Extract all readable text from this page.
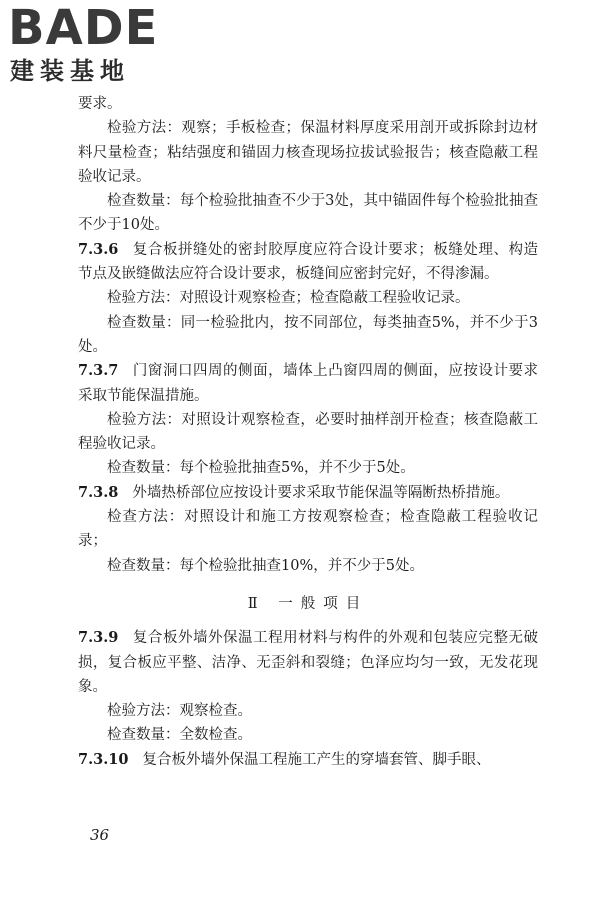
BADE
建装基地

要求。

检验方法：观察；手板检查；保温材料厚度采用剖开或拆除封边材料尺量检查；粘结强度和锚固力核查现场拉拔试验报告；核查隐蔽工程验收记录。

检查数量：每个检验批抽查不少于3处，其中锚固件每个检验批抽查不少于10处。

7.3.6 复合板拼缝处的密封胶厚度应符合设计要求；板缝处理、构造节点及嵌缝做法应符合设计要求，板缝间应密封完好，不得渗漏。

检验方法：对照设计观察检查；检查隐蔽工程验收记录。

检查数量：同一检验批内，按不同部位，每类抽查5%，并不少于3处。

7.3.7 门窗洞口四周的侧面，墙体上凸窗四周的侧面，应按设计要求采取节能保温措施。

检验方法：对照设计观察检查，必要时抽样剖开检查；核查隐蔽工程验收记录。

检查数量：每个检验批抽查5%，并不少于5处。

7.3.8 外墙热桥部位应按设计要求采取节能保温等隔断热桥措施。

检查方法：对照设计和施工方按观察检查；检查隐蔽工程验收记录；

检查数量：每个检验批抽查10%，并不少于5处。

Ⅱ 一般项目

7.3.9 复合板外墙外保温工程用材料与构件的外观和包装应完整无破损，复合板应平整、洁净、无歪斜和裂缝；色泽应均匀一致，无发花现象。

检验方法：观察检查。

检查数量：全数检查。

7.3.10 复合板外墙外保温工程施工产生的穿墙套管、脚手眼、

36
